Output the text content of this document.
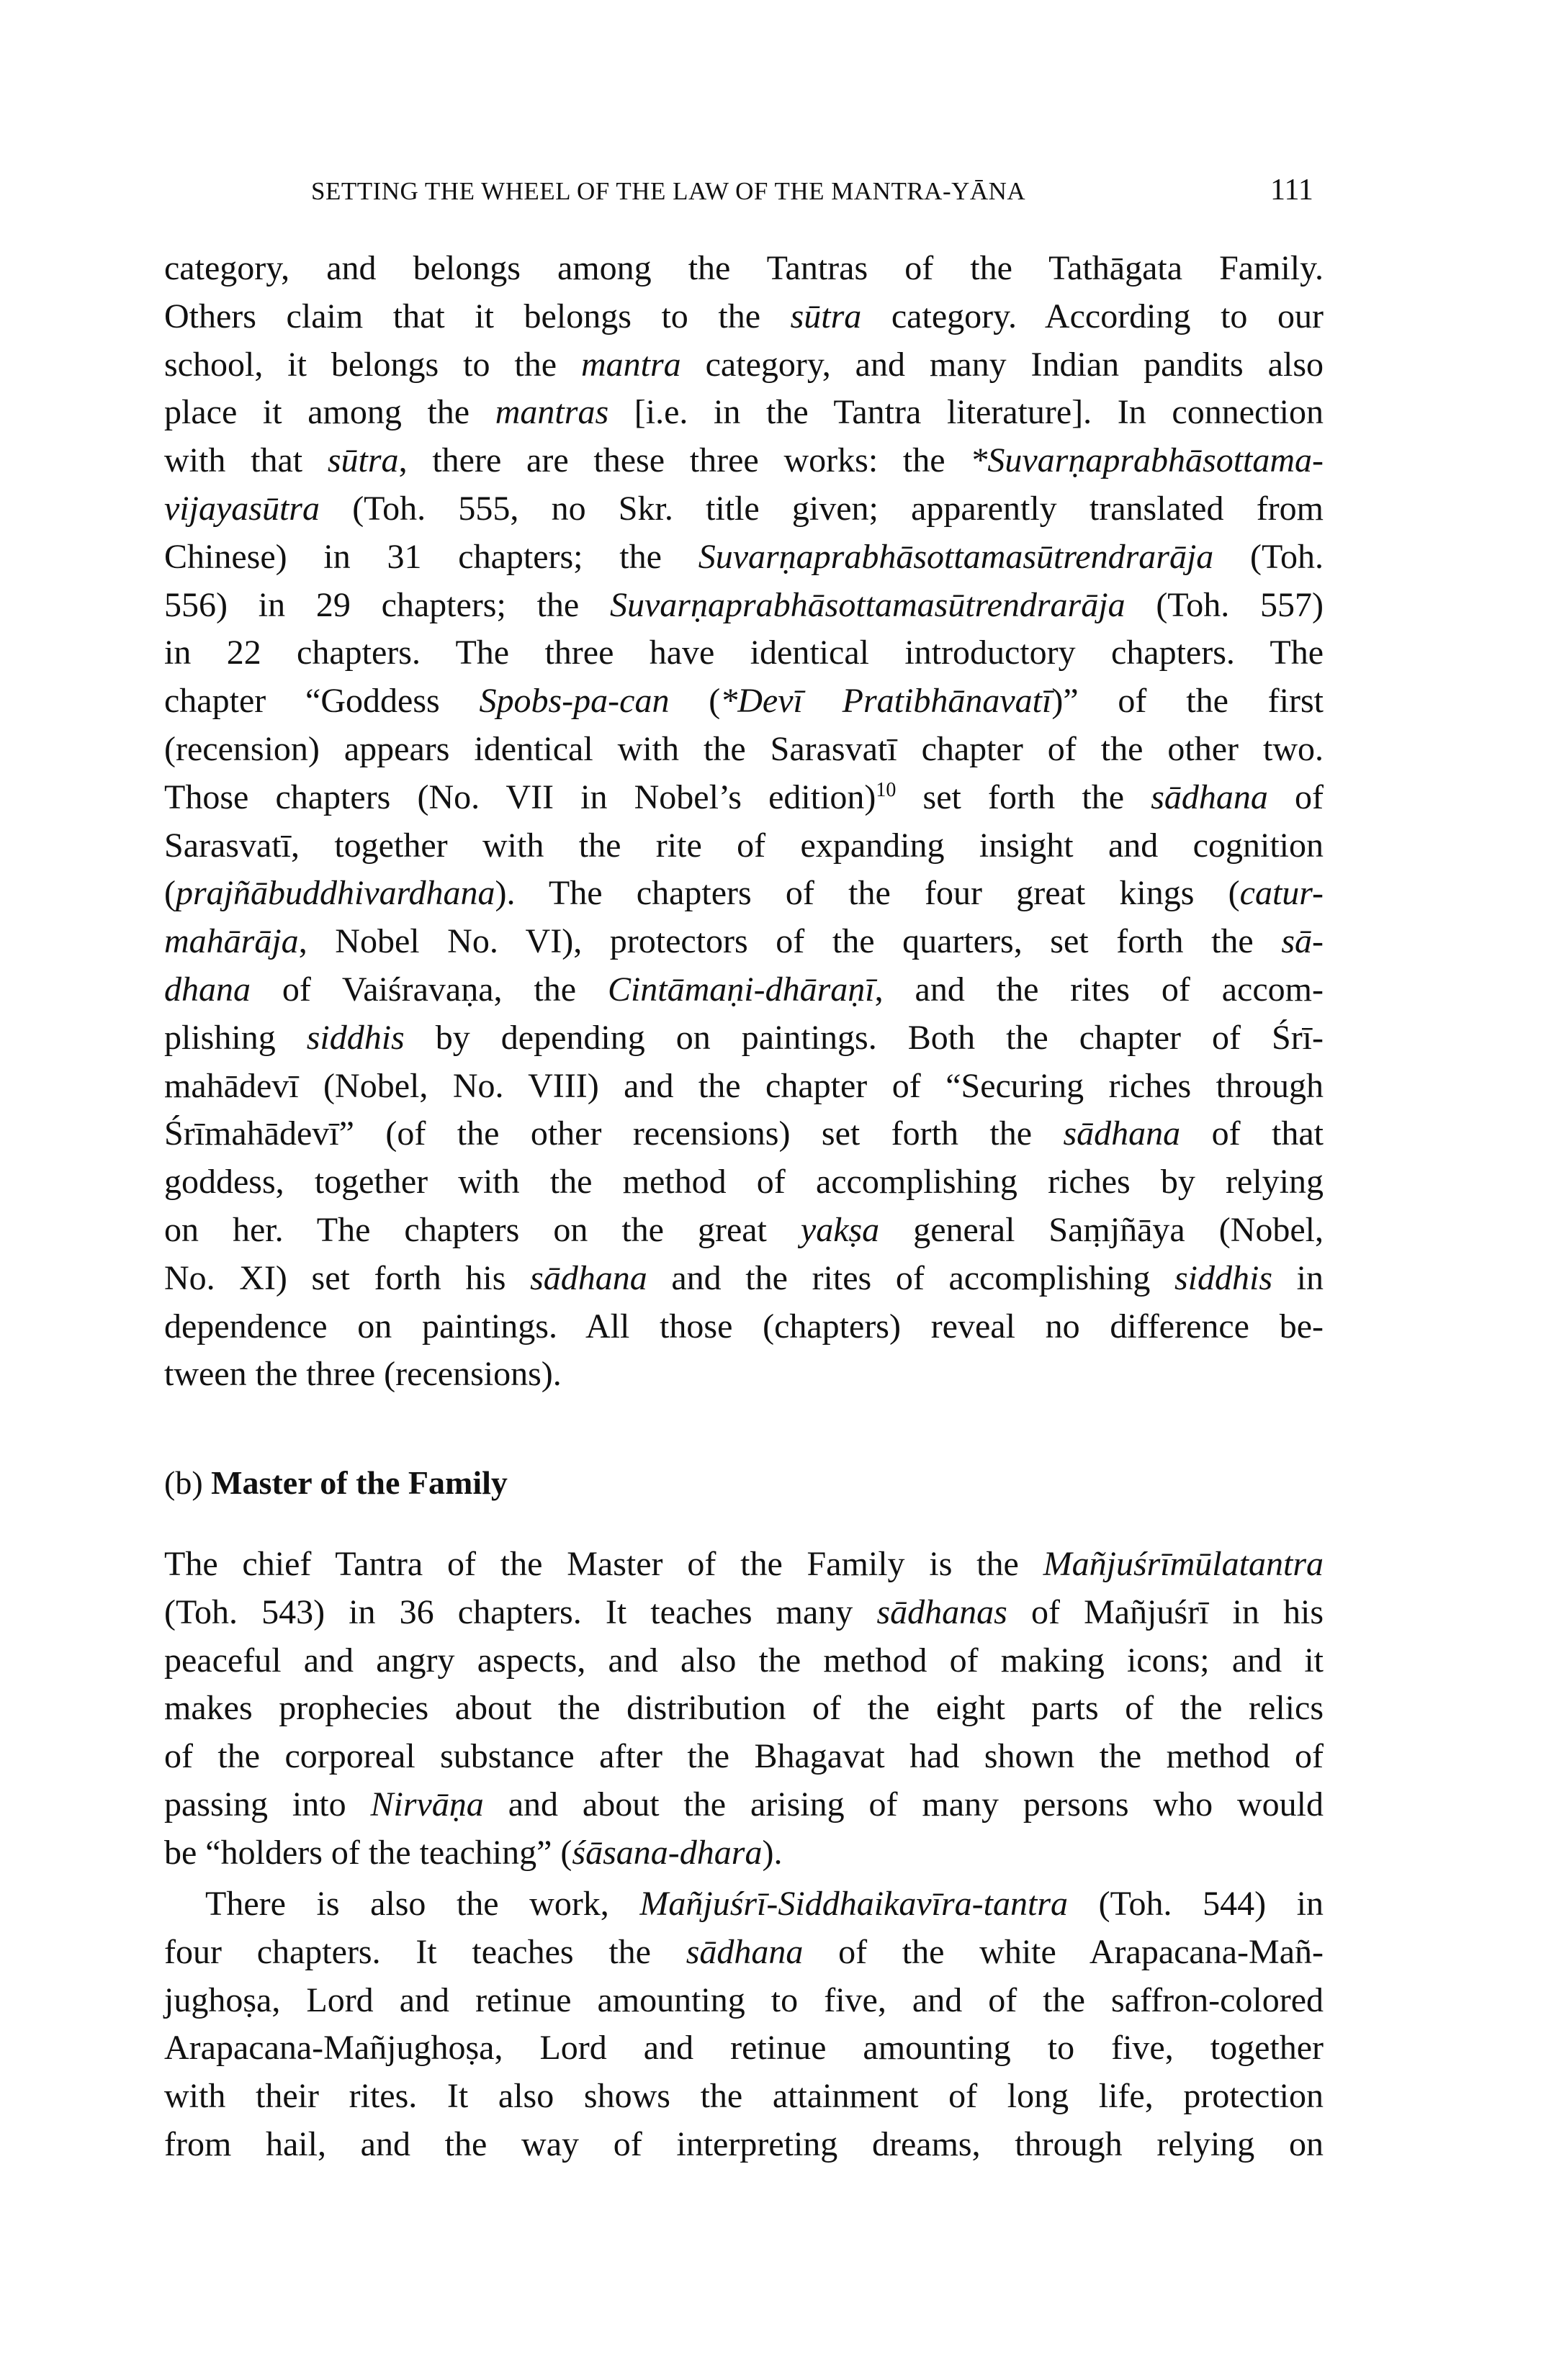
SETTING THE WHEEL OF THE LAW OF THE MANTRA-YĀNA	111
category, and belongs among the Tantras of the Tathāgata Family.
Others claim that it belongs to the sūtra category. According to our
school, it belongs to the mantra category, and many Indian pandits also
place it among the mantras [i.e. in the Tantra literature]. In connection
with that sūtra, there are these three works: the *Suvarṇaprabhāsottama-
vijayasūtra (Toh. 555, no Skr. title given; apparently translated from
Chinese) in 31 chapters; the Suvarṇaprabhāsottamasūtrendrarāja (Toh.
556) in 29 chapters; the Suvarṇaprabhāsottamasūtrendrarāja (Toh. 557)
in 22 chapters. The three have identical introductory chapters. The
chapter “Goddess Spobs-pa-can (*Devī Pratibhānavatī)” of the first
(recension) appears identical with the Sarasvatī chapter of the other two.
Those chapters (No. VII in Nobel’s edition)$^{10}$ set forth the sādhana of
Sarasvatī, together with the rite of expanding insight and cognition
(prajñābuddhivardhana). The chapters of the four great kings (catur-
mahārāja, Nobel No. VI), protectors of the quarters, set forth the sā-
dhana of Vaiśravaṇa, the Cintāmaṇi-dhāraṇī, and the rites of accom-
plishing siddhis by depending on paintings. Both the chapter of Śrī-
mahādevī (Nobel, No. VIII) and the chapter of “Securing riches through
Śrīmahādevī” (of the other recensions) set forth the sādhana of that
goddess, together with the method of accomplishing riches by relying
on her. The chapters on the great yakṣa general Saṃjñāya (Nobel,
No. XI) set forth his sādhana and the rites of accomplishing siddhis in
dependence on paintings. All those (chapters) reveal no difference be-
tween the three (recensions).
(b) Master of the Family
The chief Tantra of the Master of the Family is the Mañjuśrīmūlatantra
(Toh. 543) in 36 chapters. It teaches many sādhanas of Mañjuśrī in his
peaceful and angry aspects, and also the method of making icons; and it
makes prophecies about the distribution of the eight parts of the relics
of the corporeal substance after the Bhagavat had shown the method of
passing into Nirvāṇa and about the arising of many persons who would
be “holders of the teaching” (śāsana-dhara).
There is also the work, Mañjuśrī-Siddhaikavīra-tantra (Toh. 544) in
four chapters. It teaches the sādhana of the white Arapacana-Mañ-
jughoṣa, Lord and retinue amounting to five, and of the saffron-colored
Arapacana-Mañjughoṣa, Lord and retinue amounting to five, together
with their rites. It also shows the attainment of long life, protection
from hail, and the way of interpreting dreams, through relying on
